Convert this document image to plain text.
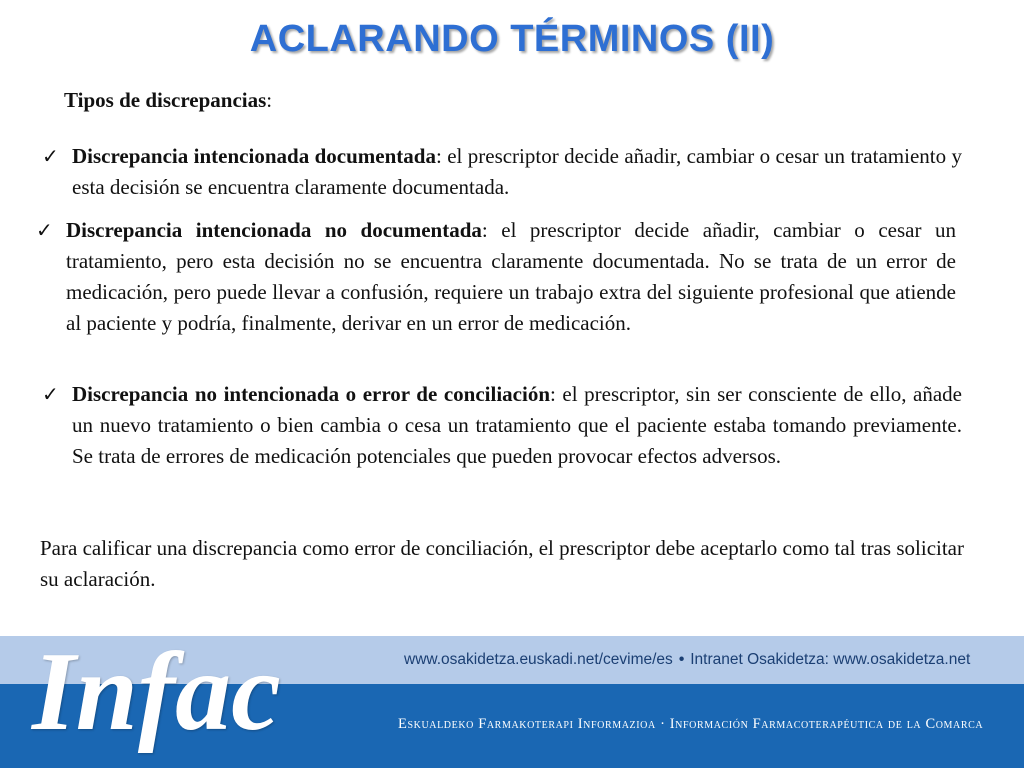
ACLARANDO TÉRMINOS (II)
Tipos de discrepancias:
✓ Discrepancia intencionada documentada: el prescriptor decide añadir, cambiar o cesar un tratamiento y esta decisión se encuentra claramente documentada.
✓ Discrepancia intencionada no documentada: el prescriptor decide añadir, cambiar o cesar un tratamiento, pero esta decisión no se encuentra claramente documentada. No se trata de un error de medicación, pero puede llevar a confusión, requiere un trabajo extra del siguiente profesional que atiende al paciente y podría, finalmente, derivar en un error de medicación.
✓ Discrepancia no intencionada o error de conciliación: el prescriptor, sin ser consciente de ello, añade un nuevo tratamiento o bien cambia o cesa un tratamiento que el paciente estaba tomando previamente. Se trata de errores de medicación potenciales que pueden provocar efectos adversos.
Para calificar una discrepancia como error de conciliación, el prescriptor debe aceptarlo como tal tras solicitar su aclaración.
www.osakidetza.euskadi.net/cevime/es • Intranet Osakidetza: www.osakidetza.net
Infac	Eskualdeko Farmakoterapi Informazioa · Información Farmacoterapéutica de la Comarca
